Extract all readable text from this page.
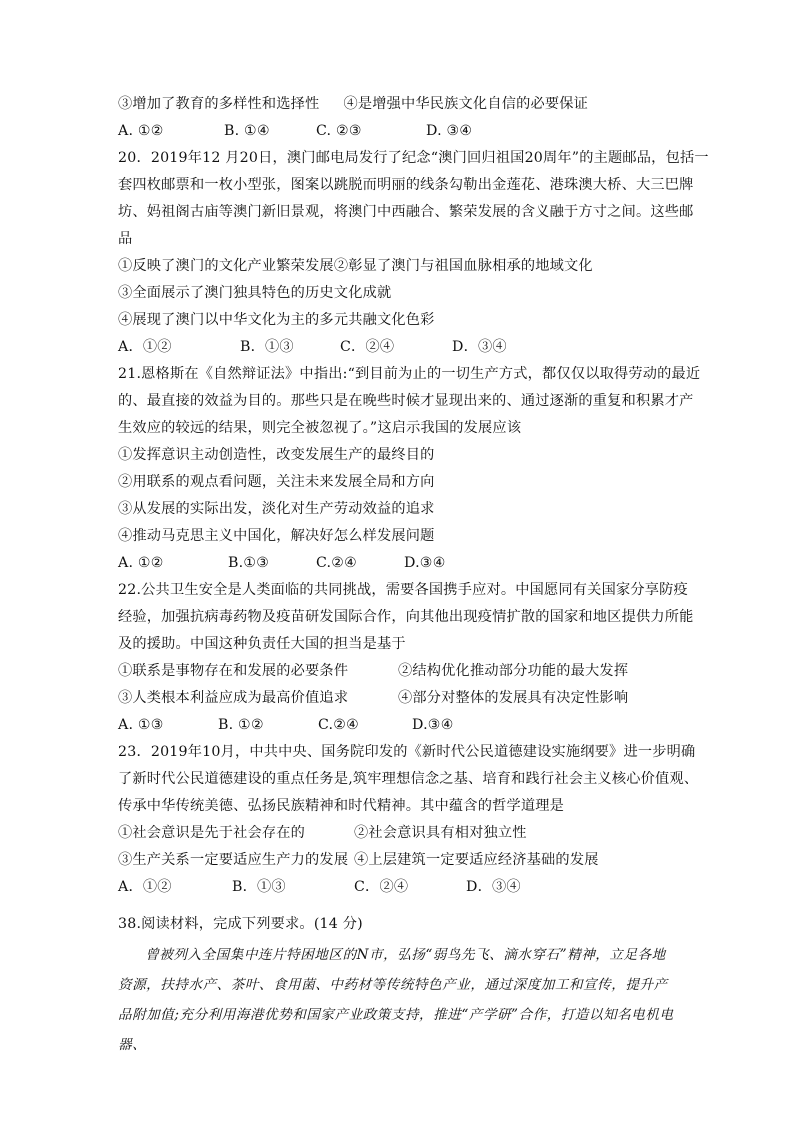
③增加了教育的多样性和选择性 ④是增强中华民族文化自信的必要保证
A. ①②	B. ①④	C. ②③	D. ③④
20．2019年12 月20日，澳门邮电局发行了纪念“澳门回归祖国20周年”的主题邮品，包括一
套四枚邮票和一枚小型张，图案以跳脱而明丽的线条勾勒出金莲花、港珠澳大桥、大三巴牌
坊、妈祖阁古庙等澳门新旧景观，将澳门中西融合、繁荣发展的含义融于方寸之间。这些邮
品
①反映了澳门的文化产业繁荣发展②彰显了澳门与祖国血脉相承的地域文化
③全面展示了澳门独具特色的历史文化成就
④展现了澳门以中华文化为主的多元共融文化色彩
A．①②	B．①③	C．②④	D．③④
21.恩格斯在《自然辩证法》中指出:“到目前为止的一切生产方式，都仅仅以取得劳动的最近
的、最直接的效益为目的。那些只是在晚些时候才显现出来的、通过逐渐的重复和积累才产
生效应的较远的结果，则完全被忽视了。”这启示我国的发展应该
①发挥意识主动创造性，改变发展生产的最终目的
②用联系的观点看问题，关注未来发展全局和方向
③从发展的实际出发，淡化对生产劳动效益的追求
④推动马克思主义中国化，解决好怎么样发展问题
A. ①②	B.①③	C.②④	D.③④
22.公共卫生安全是人类面临的共同挑战，需要各国携手应对。中国愿同有关国家分享防疫
经验，加强抗病毒药物及疫苗研发国际合作，向其他出现疫情扩散的国家和地区提供力所能
及的援助。中国这种负责任大国的担当是基于
①联系是事物存在和发展的必要条件	②结构优化推动部分功能的最大发挥
③人类根本利益应成为最高价值追求	④部分对整体的发展具有决定性影响
A. ①③	B. ①②	C.②④	D.③④
23．2019年10月，中共中央、国务院印发的《新时代公民道德建设实施纲要》进一步明确
了新时代公民道德建设的重点任务是,筑牢理想信念之基、培育和践行社会主义核心价值观、
传承中华传统美德、弘扬民族精神和时代精神。其中蕴含的哲学道理是
①社会意识是先于社会存在的	②社会意识具有相对独立性
③生产关系一定要适应生产力的发展 ④上层建筑一定要适应经济基础的发展
A．①②	B．①③	C．②④	D．③④
38.阅读材料，完成下列要求。(14 分)
曾被列入全国集中连片特困地区的N市，弘扬“弱鸟先飞、滴水穿石”精神，立足各地资源，扶持水产、茶叶、食用菌、中药材等传统特色产业，通过深度加工和宣传，提升产品附加值;充分利用海港优势和国家产业政策支持，推进“产学研”合作，打造以知名电机电器、
